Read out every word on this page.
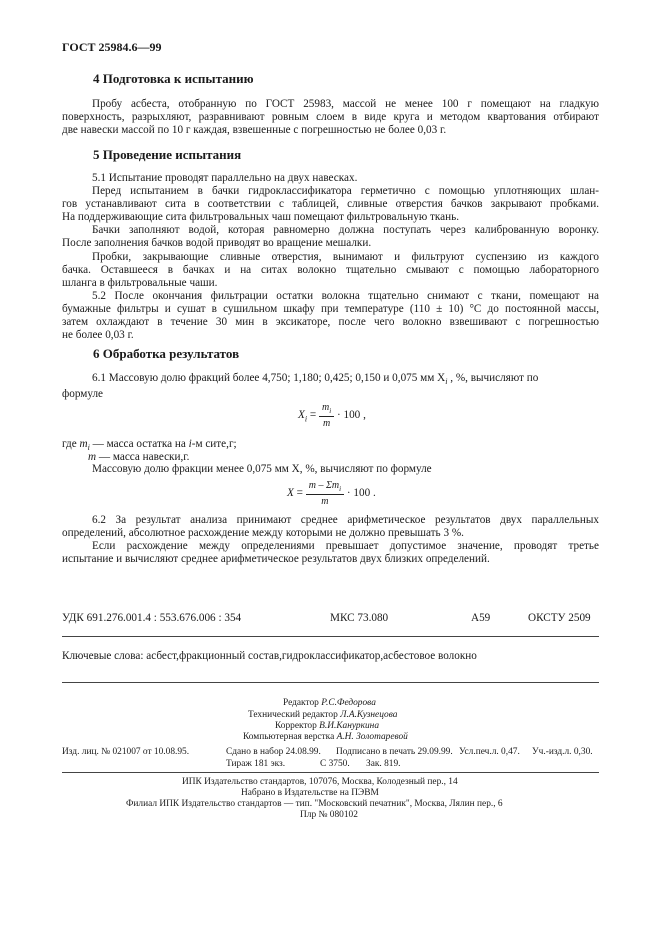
ГОСТ 25984.6—99
4 Подготовка к испытанию
Пробу асбеста, отобранную по ГОСТ 25983, массой не менее 100 г помещают на гладкую
поверхность, разрыхляют, разравнивают ровным слоем в виде круга и методом квартования отбирают
две навески массой по 10 г каждая, взвешенные с погрешностью не более 0,03 г.
5 Проведение испытания
5.1 Испытание проводят параллельно на двух навесках.
Перед испытанием в бачки гидроклассификатора герметично с помощью уплотняющих шлан-
гов устанавливают сита в соответствии с таблицей, сливные отверстия бачков закрывают пробками.
На поддерживающие сита фильтровальных чаш помещают фильтровальную ткань.
Бачки заполняют водой, которая равномерно должна поступать через калиброванную воронку.
После заполнения бачков водой приводят во вращение мешалки.
Пробки, закрывающие сливные отверстия, вынимают и фильтруют суспензию из каждого
бачка. Оставшееся в бачках и на ситах волокно тщательно смывают с помощью лабораторного
шланга в фильтровальные чаши.
5.2 После окончания фильтрации остатки волокна тщательно снимают с ткани, помещают на
бумажные фильтры и сушат в сушильном шкафу при температуре (110 ± 10) °С до постоянной массы,
затем охлаждают в течение 30 мин в эксикаторе, после чего волокно взвешивают с погрешностью
не более 0,03 г.
6 Обработка результатов
6.1 Массовую долю фракций более 4,750; 1,180; 0,425; 0,150 и 0,075 мм $X_i$ , %, вычисляют по
формуле
$X_i = \frac{m_i}{m} \cdot 100$ ,
где $m_i$ — масса остатка на i-м сите,г;
m — масса навески,г.
Массовую долю фракции менее 0,075 мм X, %, вычисляют по формуле
$X = \frac{m - \Sigma m_i}{m} \cdot 100$ .
6.2 За результат анализа принимают среднее арифметическое результатов двух параллельных
определений, абсолютное расхождение между которыми не должно превышать 3 %.
Если расхождение между определениями превышает допустимое значение, проводят третье
испытание и вычисляют среднее арифметическое результатов двух близких определений.
УДК 691.276.001.4 : 553.676.006 : 354	МКС 73.080	А59	ОКСТУ 2509
Ключевые слова: асбест,фракционный состав,гидроклассификатор,асбестовое волокно
Редактор Р.С.Федорова
Технический редактор Л.А.Кузнецова
Корректор В.И.Кануркина
Компьютерная верстка А.Н. Золотаревой
Изд. лиц. № 021007 от 10.08.95.	Сдано в набор 24.08.99. Подписано в печать 29.09.99. Усл.печ.л. 0,47. Уч.-изд.л. 0,30.
Тираж 181 экз.	С 3750. Зак. 819.
ИПК Издательство стандартов, 107076, Москва, Колодезный пер., 14
Набрано в Издательстве на ПЭВМ
Филиал ИПК Издательство стандартов — тип. "Московский печатник", Москва, Лялин пер., 6
Плр № 080102
